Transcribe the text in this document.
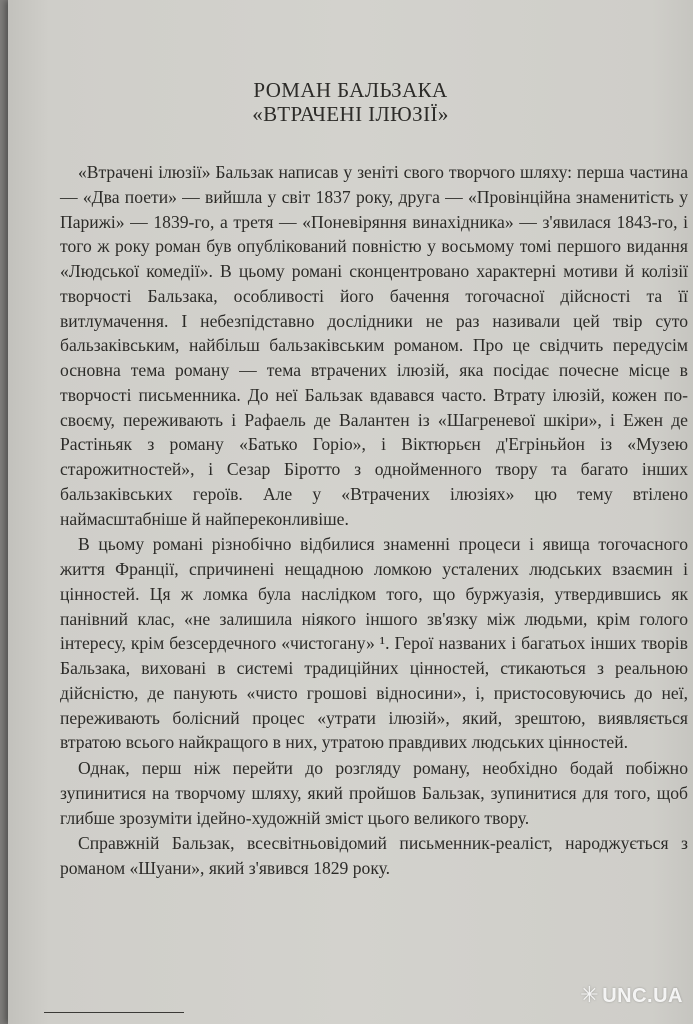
РОМАН БАЛЬЗАКА
«ВТРАЧЕНІ ІЛЮЗІЇ»

«Втрачені ілюзії» Бальзак написав у зеніті свого творчого шляху: перша частина — «Два поети» — вийшла у світ 1837 року, друга — «Провінційна знаменитість у Парижі» — 1839-го, а третя — «Поневіряння винахідника» — з'явилася 1843-го, і того ж року роман був опублікований повністю у восьмому томі першого видання «Людської комедії». В цьому романі сконцентровано характерні мотиви й колізії творчості Бальзака, особливості його бачення тогочасної дійсності та її витлумачення. І небезпідставно дослідники не раз називали цей твір суто бальзаківським, найбільш бальзаківським романом. Про це свідчить передусім основна тема роману — тема втрачених ілюзій, яка посідає почесне місце в творчості письменника. До неї Бальзак вдавався часто. Втрату ілюзій, кожен по-своєму, переживають і Рафаель де Валантен із «Шагреневої шкіри», і Ежен де Растіньяк з роману «Батько Горіо», і Віктюрьєн д'Егріньйон із «Музею старожитностей», і Сезар Біротто з однойменного твору та багато інших бальзаківських героїв. Але у «Втрачених ілюзіях» цю тему втілено наймасштабніше й найпереконливіше.

В цьому романі різнобічно відбилися знаменні процеси і явища тогочасного життя Франції, спричинені нещадною ломкою усталених людських взаємин і цінностей. Ця ж ломка була наслідком того, що буржуазія, утвердившись як панівний клас, «не залишила ніякого іншого зв'язку між людьми, крім голого інтересу, крім безсердечного «чистогану» ¹. Герої названих і багатьох інших творів Бальзака, виховані в системі традиційних цінностей, стикаються з реальною дійсністю, де панують «чисто грошові відносини», і, пристосовуючись до неї, переживають болісний процес «утрати ілюзій», який, зрештою, виявляється втратою всього найкращого в них, утратою правдивих людських цінностей.

Однак, перш ніж перейти до розгляду роману, необхідно бодай побіжно зупинитися на творчому шляху, який пройшов Бальзак, зупинитися для того, щоб глибше зрозуміти ідейно-художній зміст цього великого твору.

Справжній Бальзак, всесвітньовідомий письменник-реаліст, народжується з романом «Шуани», який з'явився 1829 року.

✳ UNC.UA
